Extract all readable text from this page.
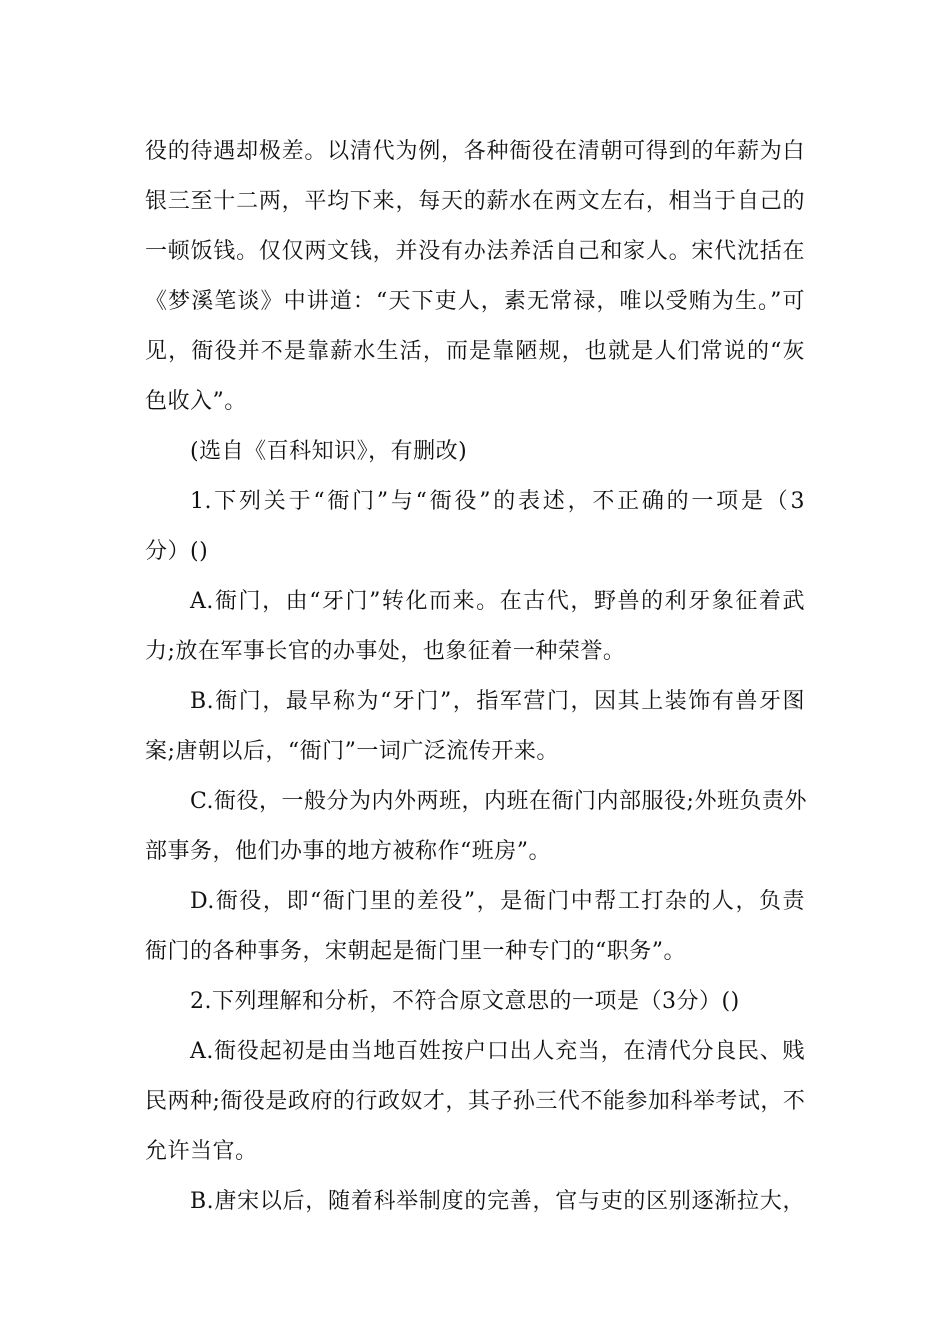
役的待遇却极差。以清代为例，各种衙役在清朝可得到的年薪为白
银三至十二两，平均下来，每天的薪水在两文左右，相当于自己的
一顿饭钱。仅仅两文钱，并没有办法养活自己和家人。宋代沈括在
《梦溪笔谈》中讲道：“天下吏人，素无常禄，唯以受贿为生。”可
见，衙役并不是靠薪水生活，而是靠陋规，也就是人们常说的“灰
色收入”。
(选自《百科知识》，有删改)
1.下列关于“衙门”与“衙役”的表述，不正确的一项是（3
分）()
A.衙门，由“牙门”转化而来。在古代，野兽的利牙象征着武
力;放在军事长官的办事处，也象征着一种荣誉。
B.衙门，最早称为“牙门”，指军营门，因其上装饰有兽牙图
案;唐朝以后，“衙门”一词广泛流传开来。
C.衙役，一般分为内外两班，内班在衙门内部服役;外班负责外
部事务，他们办事的地方被称作“班房”。
D.衙役，即“衙门里的差役”，是衙门中帮工打杂的人，负责
衙门的各种事务，宋朝起是衙门里一种专门的“职务”。
2.下列理解和分析，不符合原文意思的一项是（3分）()
A.衙役起初是由当地百姓按户口出人充当，在清代分良民、贱
民两种;衙役是政府的行政奴才，其子孙三代不能参加科举考试，不
允许当官。
B.唐宋以后，随着科举制度的完善，官与吏的区别逐渐拉大，
